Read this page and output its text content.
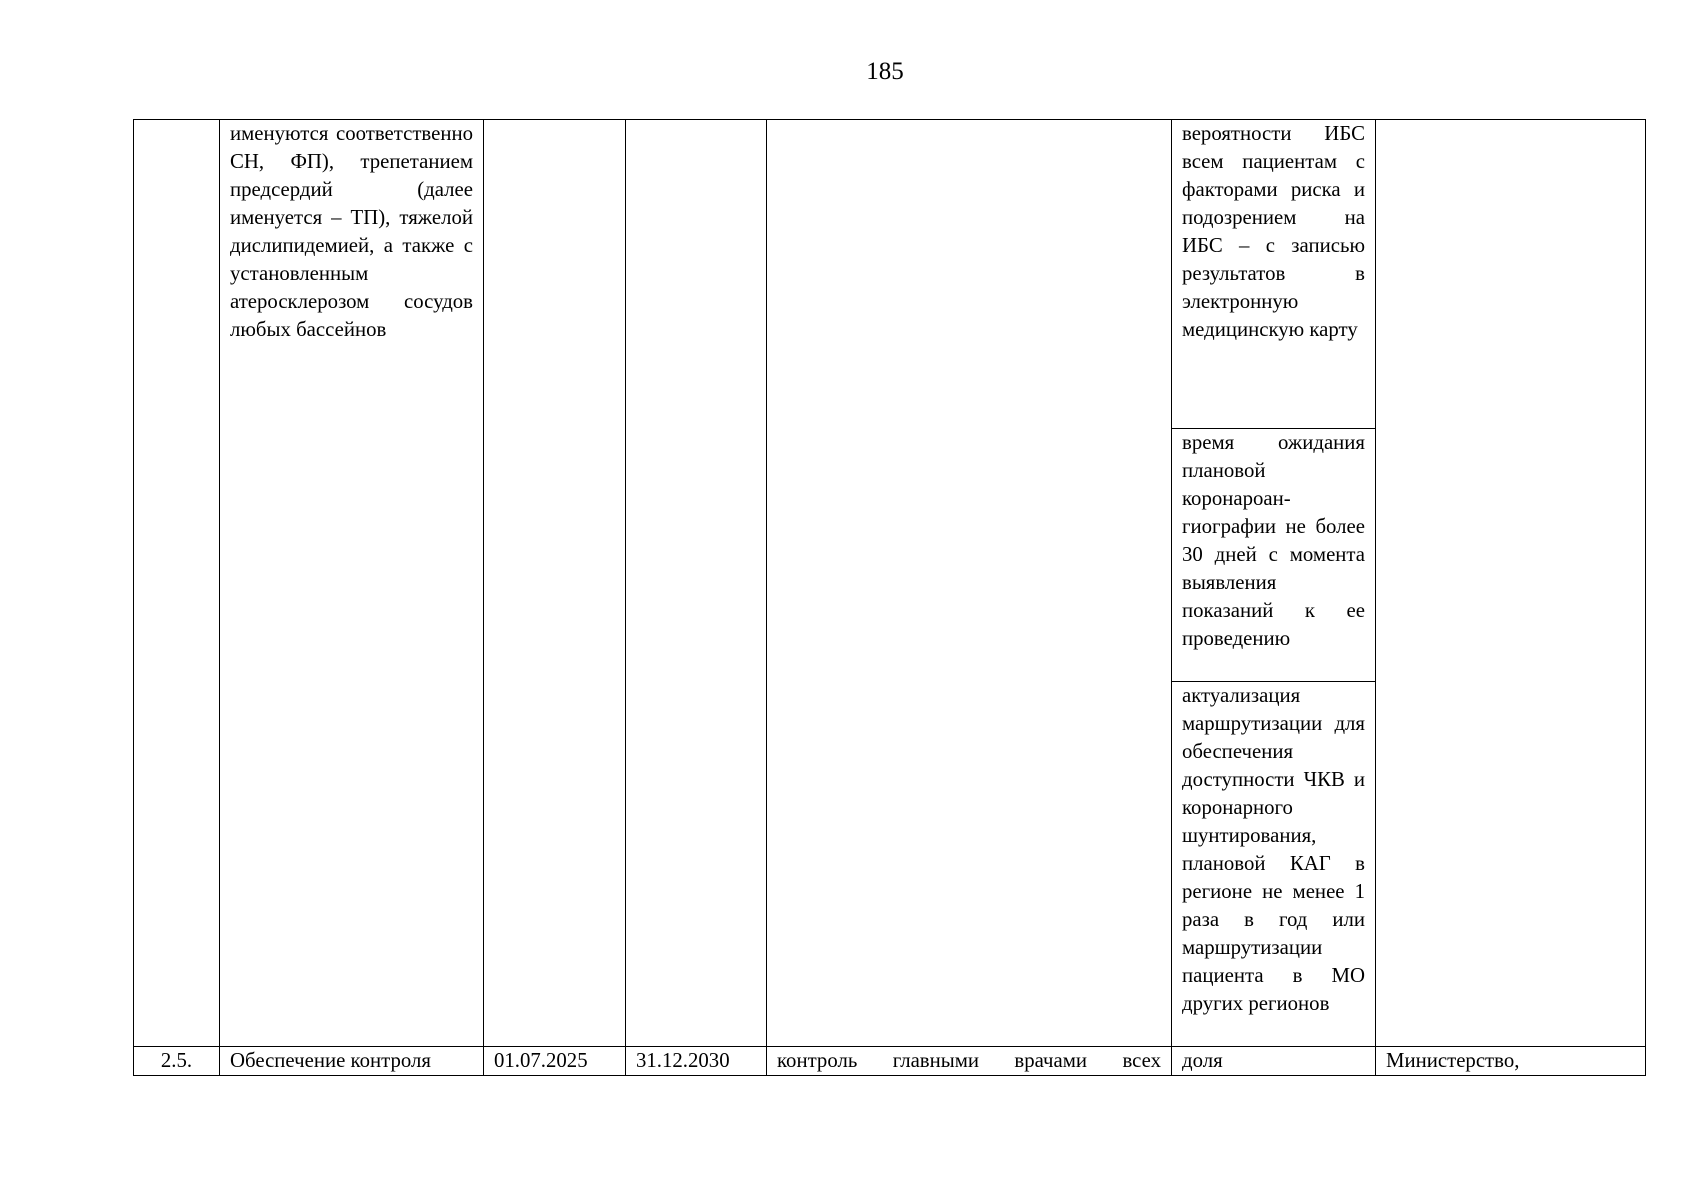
185
	именуются соответственно СН, ФП), трепетанием предсердий (далее именуется – ТП), тяжелой дислипидемией, а также с установленным атеросклерозом сосудов любых бассейнов				вероятности ИБС всем пациентам с факторами риска и подозрением на ИБС – с записью результатов в электронную медицинскую карту	
					время ожидания плановой коронароан-гиографии не более 30 дней с момента выявления показаний к ее проведению	
					актуализация маршрутизации для обеспечения доступности ЧКВ и коронарного шунтирования, плановой КАГ в регионе не менее 1 раза в год или маршрутизации пациента в МО других регионов	
2.5.	Обеспечение контроля	01.07.2025	31.12.2030	контроль главными врачами всех	доля	Министерство,
